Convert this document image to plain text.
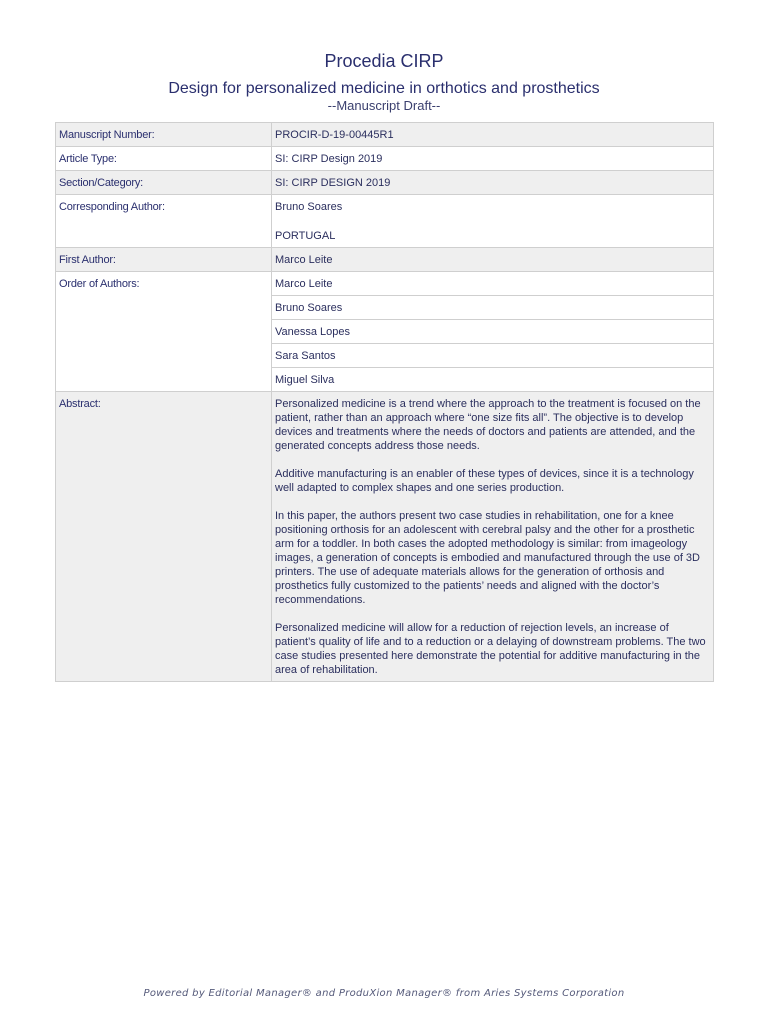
Procedia CIRP
Design for personalized medicine in orthotics and prosthetics
--Manuscript Draft--
Manuscript Number:	PROCIR-D-19-00445R1
Article Type:	SI: CIRP Design 2019
Section/Category:	SI: CIRP DESIGN 2019
Corresponding Author:	Bruno Soares
PORTUGAL

First Author:	Marco Leite
Order of Authors:	Marco Leite
	Bruno Soares
	Vanessa Lopes
	Sara Santos
	Miguel Silva
Abstract:	Personalized medicine is a trend where the approach to the treatment is focused on the patient, rather than an approach where “one size fits all”. The objective is to develop devices and treatments where the needs of doctors and patients are attended, and the generated concepts address those needs.

Additive manufacturing is an enabler of these types of devices, since it is a technology well adapted to complex shapes and one series production.

In this paper, the authors present two case studies in rehabilitation, one for a knee positioning orthosis for an adolescent with cerebral palsy and the other for a prosthetic arm for a toddler. In both cases the adopted methodology is similar: from imageology images, a generation of concepts is embodied and manufactured through the use of 3D printers. The use of adequate materials allows for the generation of orthosis and prosthetics fully customized to the patients’ needs and aligned with the doctor’s recommendations.

Personalized medicine will allow for a reduction of rejection levels, an increase of patient’s quality of life and to a reduction or a delaying of downstream problems. The two case studies presented here demonstrate the potential for additive manufacturing in the area of rehabilitation.

Powered by Editorial Manager® and ProduXion Manager® from Aries Systems Corporation
